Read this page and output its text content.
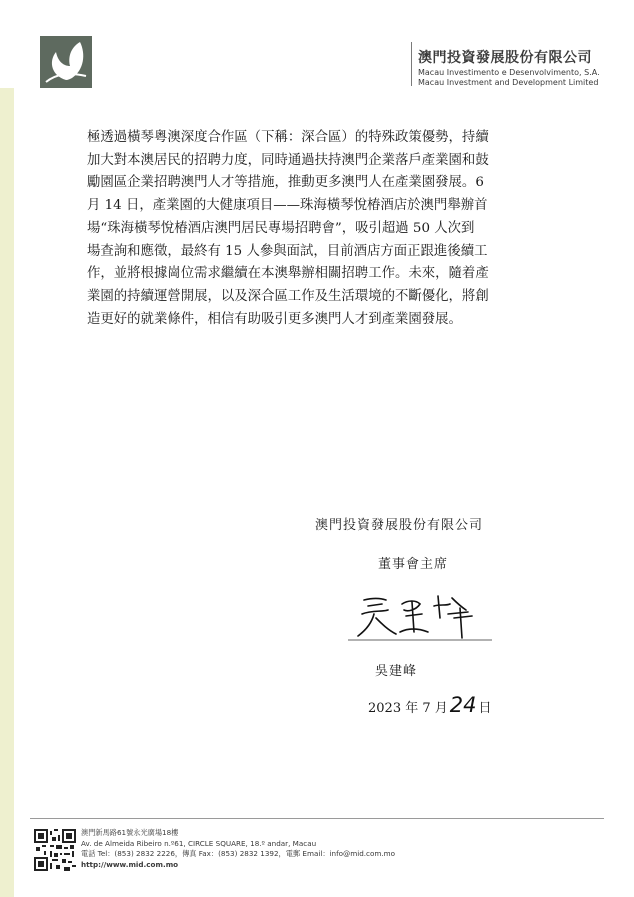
澳門投資發展股份有限公司
Macau Investimento e Desenvolvimento, S.A.
Macau Investment and Development Limited
極透過橫琴粵澳深度合作區（下稱：深合區）的特殊政策優勢，持續
加大對本澳居民的招聘力度，同時通過扶持澳門企業落戶產業園和鼓
勵園區企業招聘澳門人才等措施，推動更多澳門人在產業園發展。6
月 14 日，產業園的大健康項目——珠海橫琴悅椿酒店於澳門舉辦首
場“珠海橫琴悅椿酒店澳門居民專場招聘會”，吸引超過 50 人次到
場查詢和應徵，最終有 15 人參與面試，目前酒店方面正跟進後續工
作，並將根據崗位需求繼續在本澳舉辦相關招聘工作。未來，隨着產
業園的持續運營開展，以及深合區工作及生活環境的不斷優化，將創
造更好的就業條件，相信有助吸引更多澳門人才到產業園發展。
澳門投資發展股份有限公司
董事會主席
吳建峰
2023 年 7 月24 日
澳門新馬路61號永光廣場18樓
Av. de Almeida Ribeiro n.º61, CIRCLE SQUARE, 18.º andar, Macau
電話 Tel：(853) 2832 2226，傳真 Fax：(853) 2832 1392，電郵 Email：info@mid.com.mo
http://www.mid.com.mo
